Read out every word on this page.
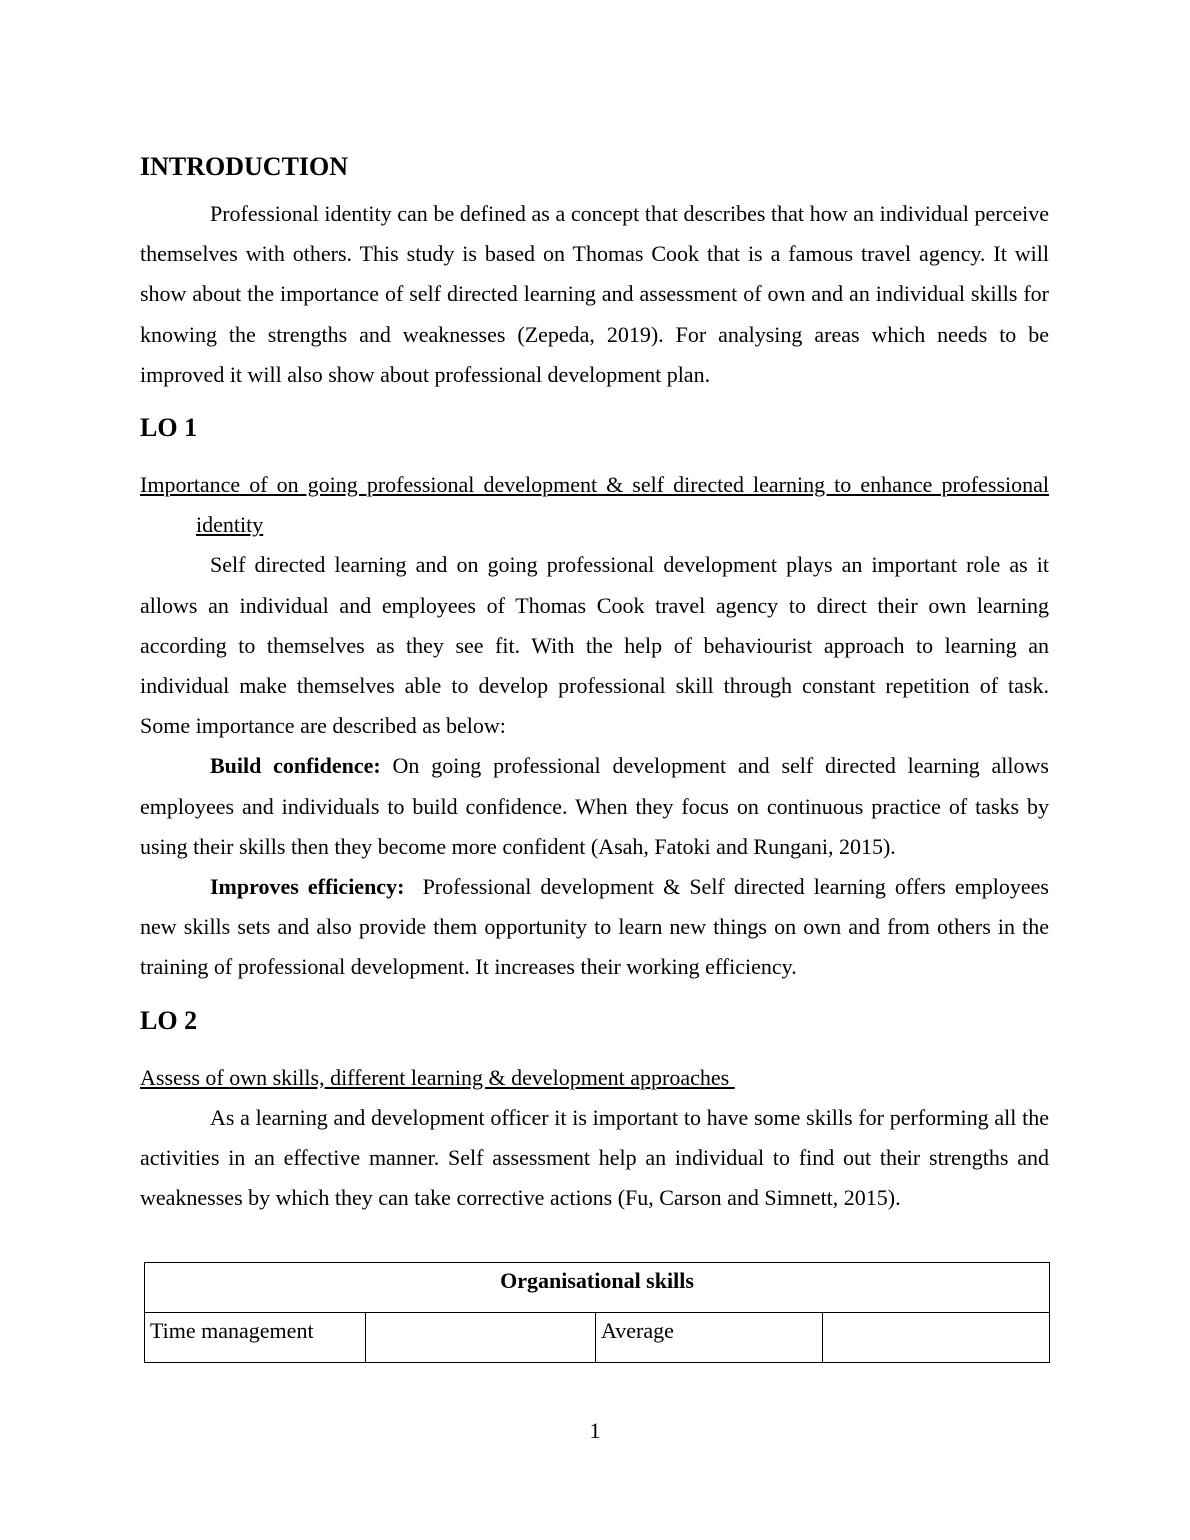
INTRODUCTION

Professional identity can be defined as a concept that describes that how an individual perceive themselves with others. This study is based on Thomas Cook that is a famous travel agency. It will show about the importance of self directed learning and assessment of own and an individual skills for knowing the strengths and weaknesses (Zepeda, 2019). For analysing areas which needs to be improved it will also show about professional development plan.

LO 1

Importance of on going professional development & self directed learning to enhance professional identity

Self directed learning and on going professional development plays an important role as it allows an individual and employees of Thomas Cook travel agency to direct their own learning according to themselves as they see fit. With the help of behaviourist approach to learning an individual make themselves able to develop professional skill through constant repetition of task. Some importance are described as below:

Build confidence: On going professional development and self directed learning allows employees and individuals to build confidence. When they focus on continuous practice of tasks by using their skills then they become more confident (Asah, Fatoki and Rungani, 2015).

Improves efficiency:  Professional development & Self directed learning offers employees new skills sets and also provide them opportunity to learn new things on own and from others in the training of professional development. It increases their working efficiency.

LO 2

Assess of own skills, different learning & development approaches

As a learning and development officer it is important to have some skills for performing all the activities in an effective manner. Self assessment help an individual to find out their strengths and weaknesses by which they can take corrective actions (Fu, Carson and Simnett, 2015).

Organisational skills
Time management		Average	
1
